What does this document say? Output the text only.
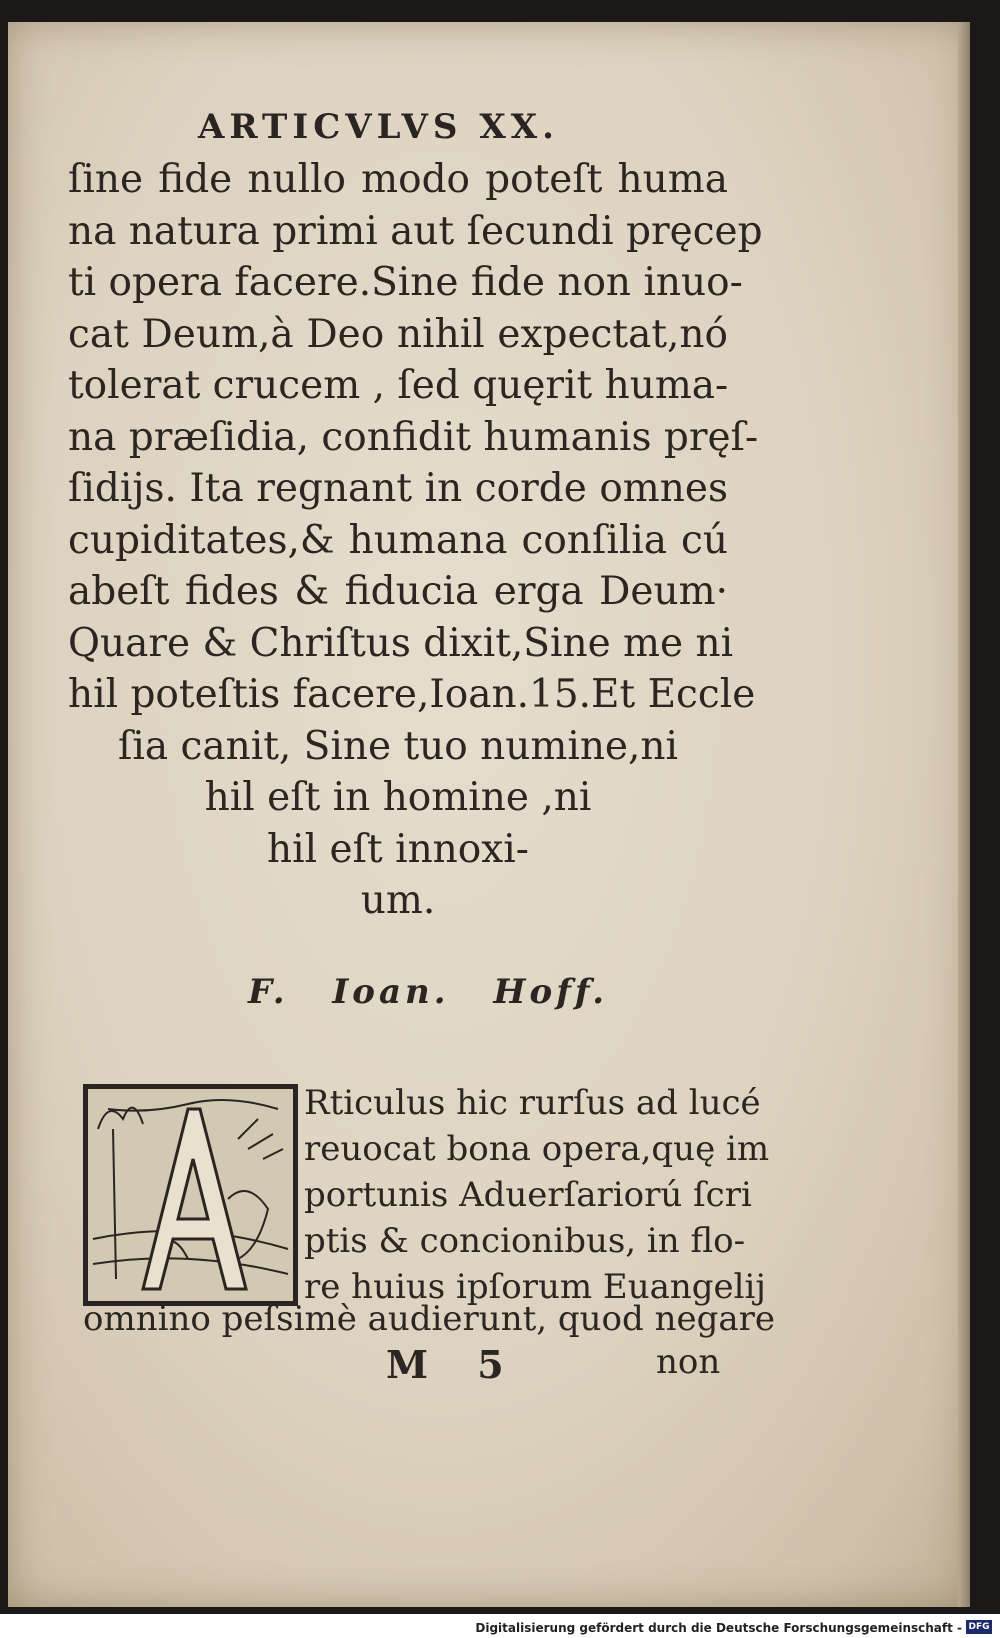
ARTICVLVS XX.
ſine fide nullo modo poteſt huma
na natura primi aut ſecundi pręcep
ti opera facere.Sine fide non inuo-
cat Deum,à Deo nihil expectat,nó
tolerat crucem , ſed quęrit huma-
na præſidia, confidit humanis pręſ-
ſidijs. Ita regnant in corde omnes
cupiditates,& humana conſilia cú
abeſt fides & fiducia erga Deum·
Quare & Chriſtus dixit,Sine me ni
hil poteſtis facere,Ioan.15.Et Eccle
ſia canit, Sine tuo numine,ni
hil eſt in homine ,ni
hil eſt innoxi-
um.
F. Ioan. Hoff.
Rticulus hic rurſus ad lucé
reuocat bona opera,quę im
portunis Aduerſariorú ſcri
ptis & concionibus, in flo-
re huius ipſorum Euangelij
omnino peſsimè audierunt, quod negare
M 5	non
Digitalisierung gefördert durch die Deutsche Forschungsgemeinschaft - DFG
